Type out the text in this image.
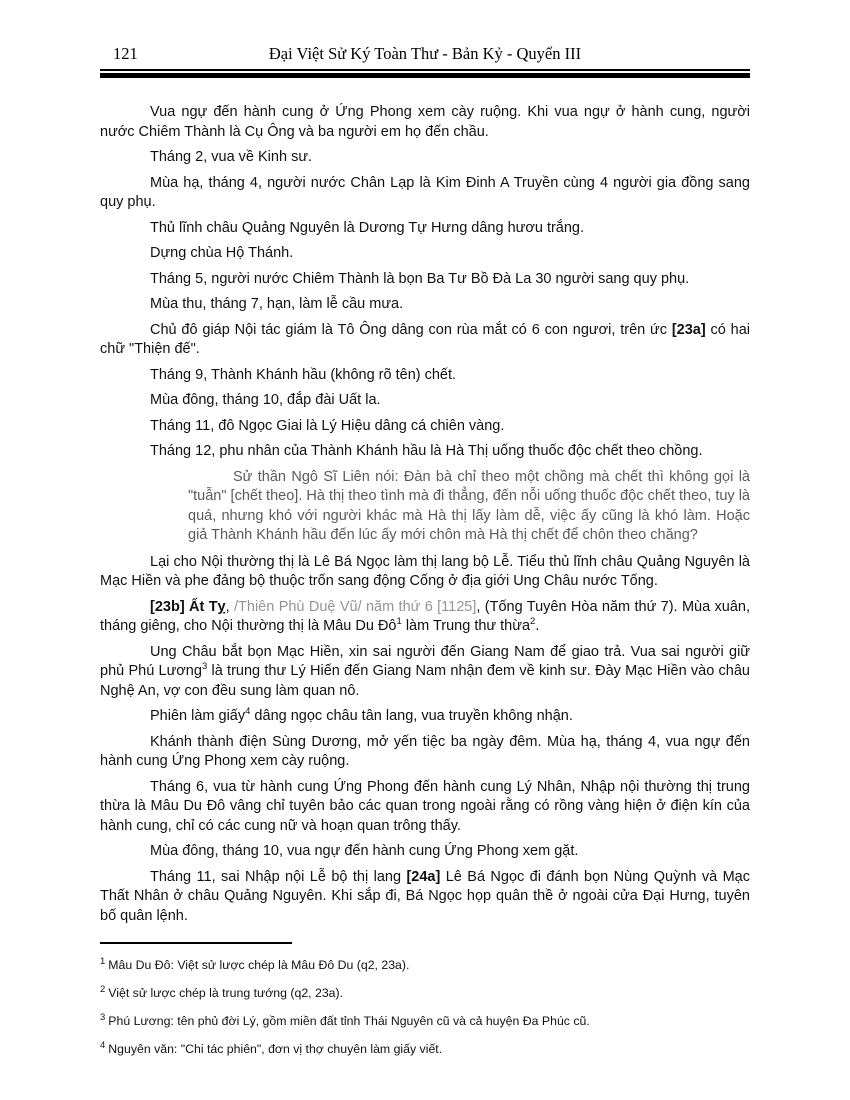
121	Đại Việt Sử Ký Toàn Thư - Bản Kỷ - Quyển III

Vua ngự đến hành cung ở Ứng Phong xem cày ruộng. Khi vua ngự ở hành cung, người nước Chiêm Thành là Cụ Ông và ba người em họ đến chầu.

Tháng 2, vua về Kinh sư.

Mùa hạ, tháng 4, người nước Chân Lạp là Kim Đinh A Truyền cùng 4 người gia đồng sang quy phụ.

Thủ lĩnh châu Quảng Nguyên là Dương Tự Hưng dâng hươu trắng.

Dựng chùa Hộ Thánh.

Tháng 5, người nước Chiêm Thành là bọn Ba Tư Bồ Đà La 30 người sang quy phụ.

Mùa thu, tháng 7, hạn, làm lễ cầu mưa.

Chủ đô giáp Nội tác giám là Tô Ông dâng con rùa mắt có 6 con ngươi, trên ức [23a] có hai chữ "Thiện đế".

Tháng 9, Thành Khánh hầu (không rõ tên) chết.

Mùa đông, tháng 10, đắp đài Uất la.

Tháng 11, đô Ngọc Giai là Lý Hiệu dâng cá chiên vàng.

Tháng 12, phu nhân của Thành Khánh hầu là Hà Thị uống thuốc độc chết theo chồng.

Sử thần Ngô Sĩ Liên nói: Đàn bà chỉ theo một chồng mà chết thì không gọi là "tuẫn" [chết theo]. Hà thị theo tình mà đi thẳng, đến nỗi uống thuốc độc chết theo, tuy là quá, nhưng khó với người khác mà Hà thị lấy làm dễ, việc ấy cũng là khó làm. Hoặc giả Thành Khánh hầu đến lúc ấy mới chôn mà Hà thị chết để chôn theo chăng?

Lại cho Nội thường thị là Lê Bá Ngọc làm thị lang bộ Lễ. Tiểu thủ lĩnh châu Quảng Nguyên là Mạc Hiền và phe đảng bộ thuộc trốn sang động Cống ở địa giới Ung Châu nước Tống.

[23b] Ất Tỵ, /Thiên Phù Duệ Vũ/ năm thứ 6 [1125], (Tống Tuyên Hòa năm thứ 7). Mùa xuân, tháng giêng, cho Nội thường thị là Mâu Du $Đô^1$ làm Trung thư thừa$^2$.

Ung Châu bắt bọn Mạc Hiền, xin sai người đến Giang Nam để giao trả. Vua sai người giữ phủ Phú Lương$^3$ là trung thư Lý Hiến đến Giang Nam nhận đem về kinh sư. Đày Mạc Hiền vào châu Nghệ An, vợ con đều sung làm quan nô.

Phiên làm giấy$^4$ dâng ngọc châu tân lang, vua truyền không nhận.

Khánh thành điện Sùng Dương, mở yến tiệc ba ngày đêm. Mùa hạ, tháng 4, vua ngự đến hành cung Ứng Phong xem cày ruộng.

Tháng 6, vua từ hành cung Ứng Phong đến hành cung Lý Nhân, Nhập nội thường thị trung thừa là Mâu Du Đô vâng chỉ tuyên bảo các quan trong ngoài rằng có rồng vàng hiện ở điện kín của hành cung, chỉ có các cung nữ và hoạn quan trông thấy.

Mùa đông, tháng 10, vua ngự đến hành cung Ứng Phong xem gặt.

Tháng 11, sai Nhập nội Lễ bộ thị lang [24a] Lê Bá Ngọc đi đánh bọn Nùng Quỳnh và Mạc Thất Nhân ở châu Quảng Nguyên. Khi sắp đi, Bá Ngọc họp quân thề ở ngoài cửa Đại Hưng, tuyên bố quân lệnh.

$^1$ Mâu Du Đô: Việt sử lược chép là Mâu Đô Du (q2, 23a).

$^2$ Việt sử lược chép là trung tướng (q2, 23a).

$^3$ Phú Lương: tên phủ đời Lý, gồm miền đất tỉnh Thái Nguyên cũ và cả huyện Đa Phúc cũ.

$^4$ Nguyên văn: "Chi tác phiên", đơn vị thợ chuyên làm giấy viết.
